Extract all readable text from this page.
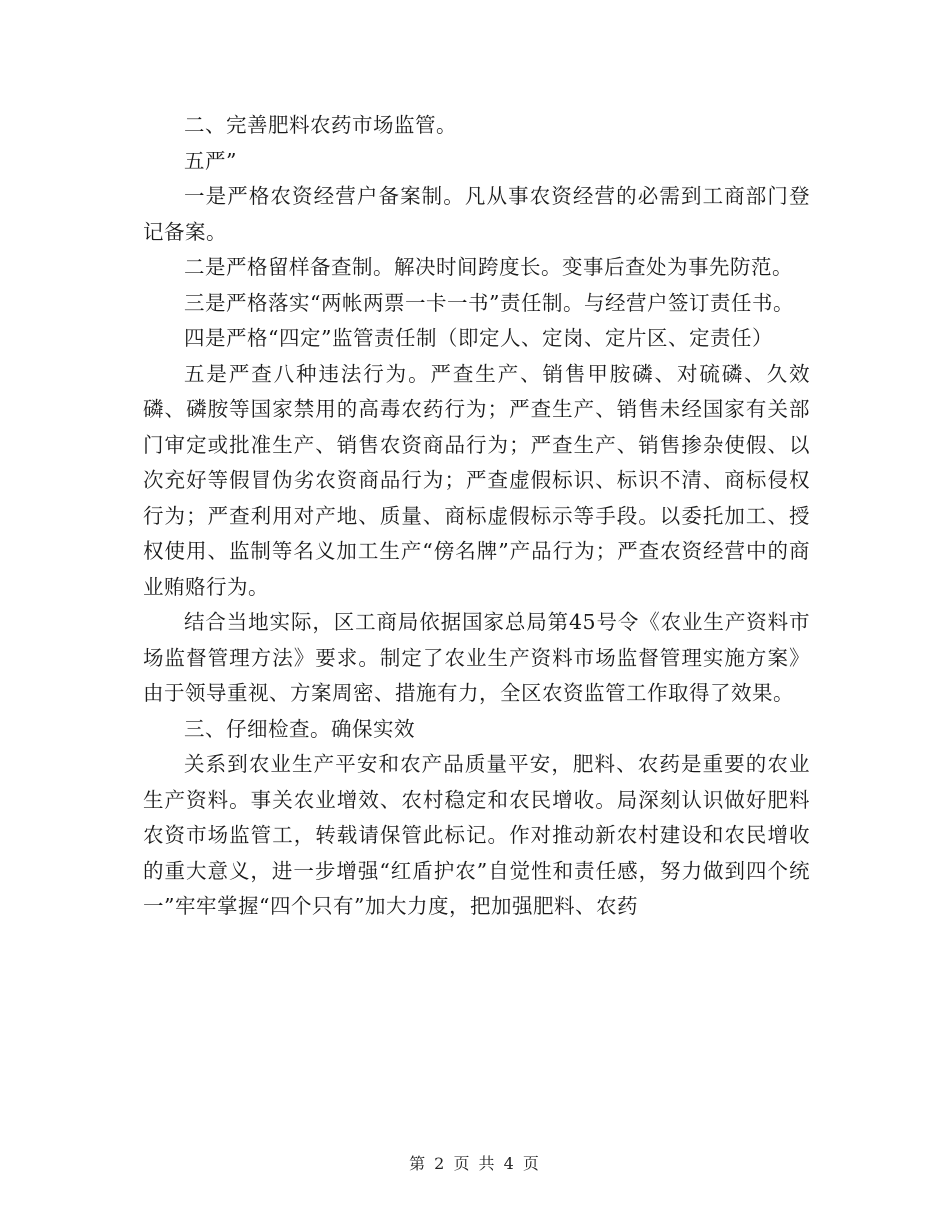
二、完善肥料农药市场监管。

五严”

一是严格农资经营户备案制。凡从事农资经营的必需到工商部门登记备案。

二是严格留样备查制。解决时间跨度长。变事后查处为事先防范。

三是严格落实“两帐两票一卡一书”责任制。与经营户签订责任书。

四是严格“四定”监管责任制（即定人、定岗、定片区、定责任）

五是严查八种违法行为。严查生产、销售甲胺磷、对硫磷、久效磷、磷胺等国家禁用的高毒农药行为；严查生产、销售未经国家有关部门审定或批准生产、销售农资商品行为；严查生产、销售掺杂使假、以次充好等假冒伪劣农资商品行为；严查虚假标识、标识不清、商标侵权行为；严查利用对产地、质量、商标虚假标示等手段。以委托加工、授权使用、监制等名义加工生产“傍名牌”产品行为；严查农资经营中的商业贿赂行为。

结合当地实际，区工商局依据国家总局第45号令《农业生产资料市场监督管理方法》要求。制定了农业生产资料市场监督管理实施方案》由于领导重视、方案周密、措施有力，全区农资监管工作取得了效果。

三、仔细检查。确保实效

关系到农业生产平安和农产品质量平安，肥料、农药是重要的农业生产资料。事关农业增效、农村稳定和农民增收。局深刻认识做好肥料农资市场监管工，转载请保管此标记。作对推动新农村建设和农民增收的重大意义，进一步增强“红盾护农”自觉性和责任感，努力做到四个统一”牢牢掌握“四个只有”加大力度，把加强肥料、农药

第 2 页 共 4 页
